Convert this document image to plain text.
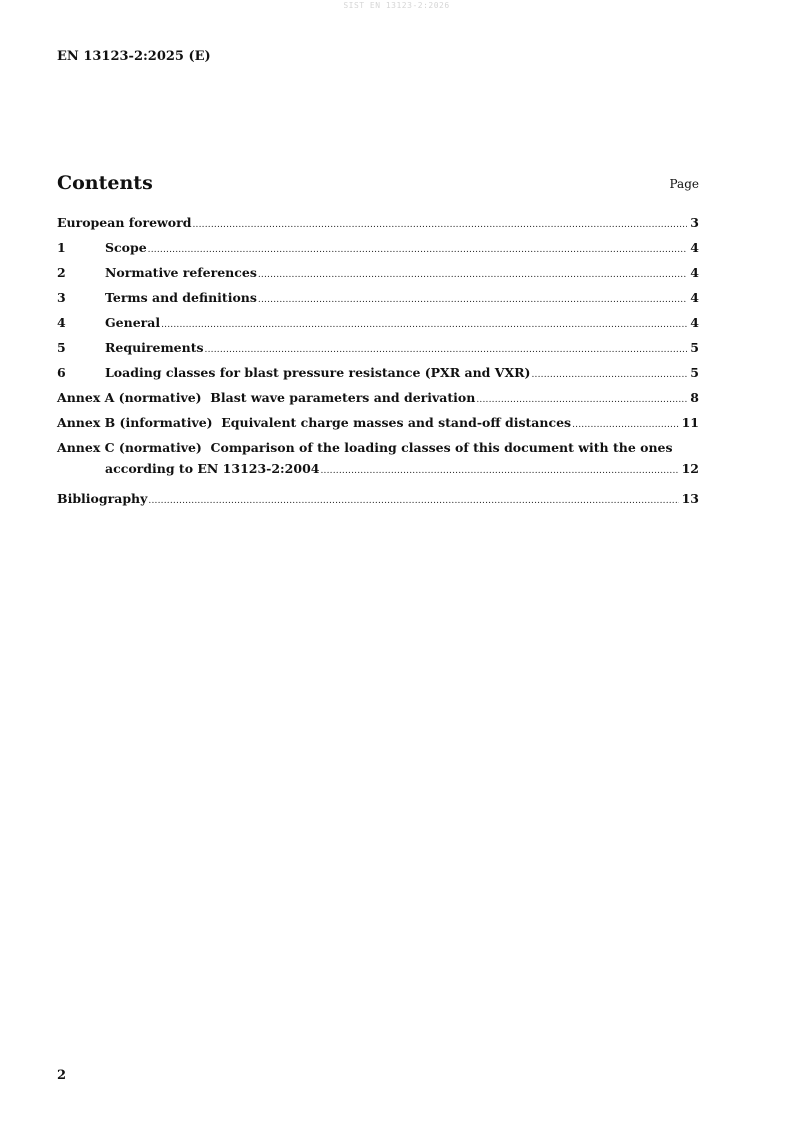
SIST EN 13123-2:2026
EN 13123-2:2025 (E)
Contents	Page
European foreword .....	3
1	Scope .....	4
2	Normative references .....	4
3	Terms and definitions .....	4
4	General .....	4
5	Requirements .....	5
6	Loading classes for blast pressure resistance (PXR and VXR) .....	5
Annex A (normative)  Blast wave parameters and derivation .....	8
Annex B (informative)  Equivalent charge masses and stand-off distances .....	11
Annex C (normative)  Comparison of the loading classes of this document with the ones
according to EN 13123-2:2004 .....	12
Bibliography .....	13
2
